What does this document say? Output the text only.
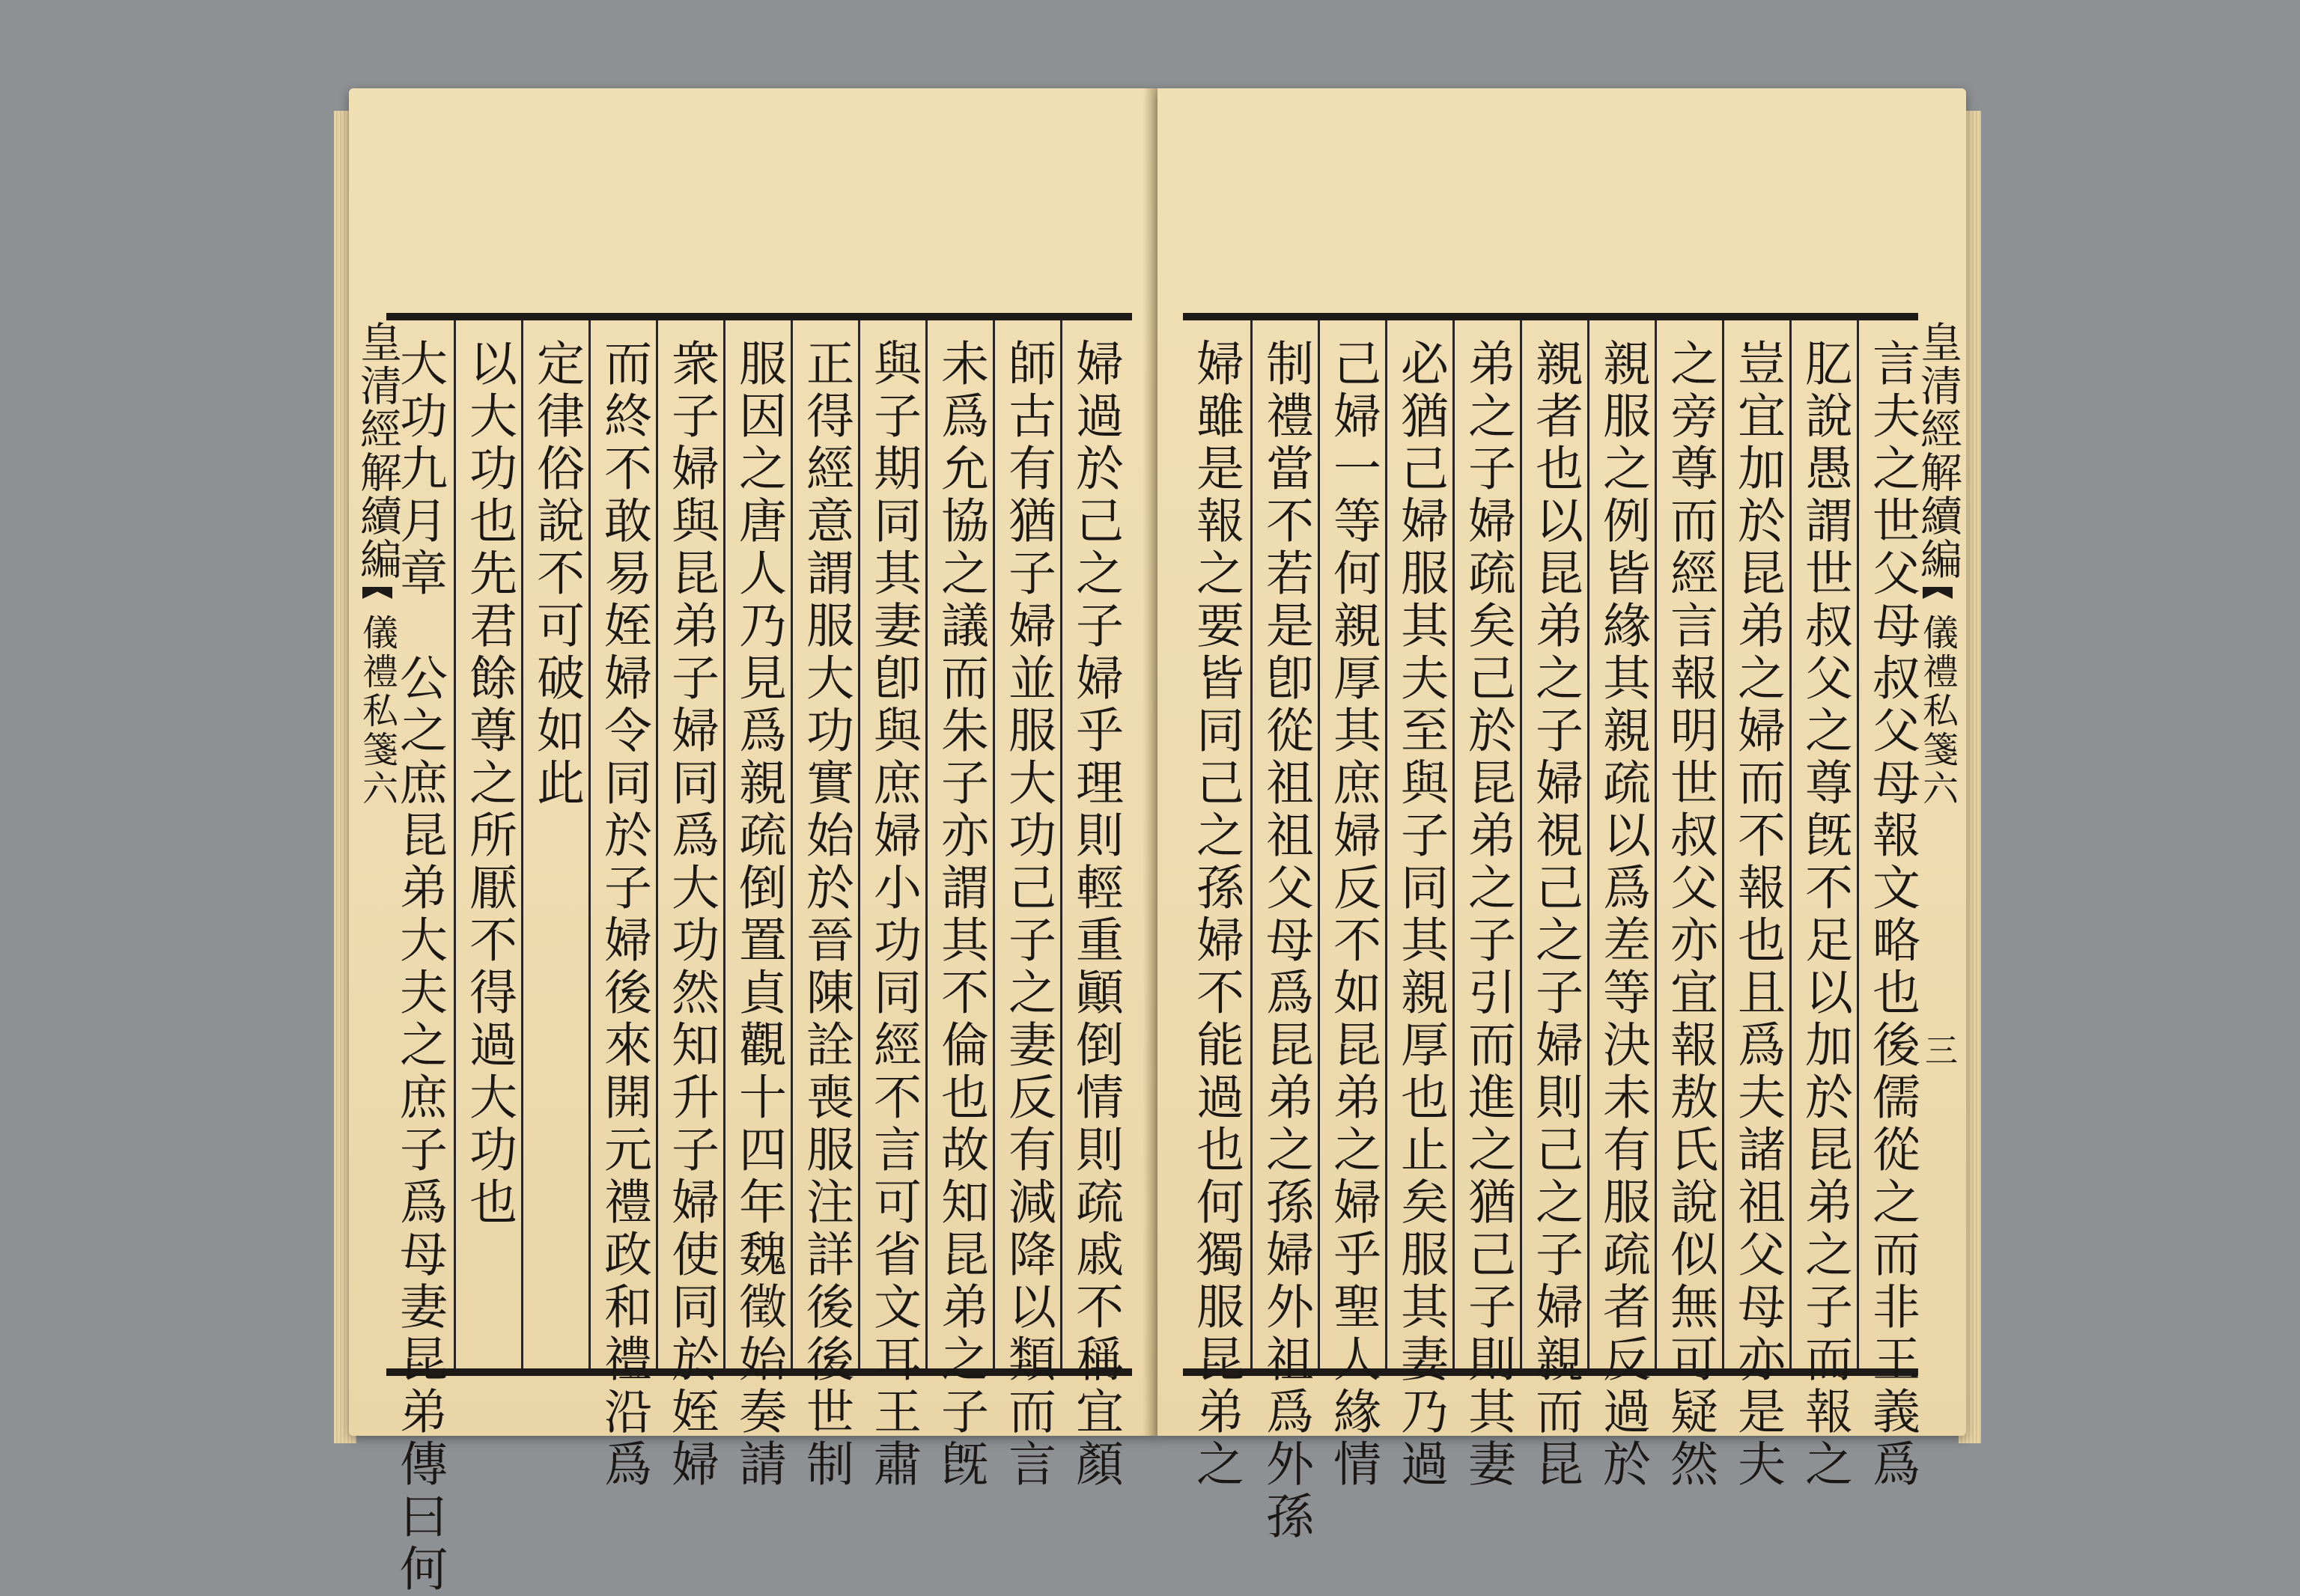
皇清經解續編
儀禮私箋六
大功九月章　公之庶昆弟大夫之庶子爲母妻昆弟傳曰何 以大功也先君餘尊之所厭不得過大功也 定律俗說不可破如此 而終不敢易姪婦令同於子婦後來開元禮政和禮沿爲 衆子婦與昆弟子婦同爲大功然知升子婦使同於姪婦 服因之唐人乃見爲親疏倒置貞觀十四年魏徵始奏請 正得經意謂服大功實始於晉陳詮喪服注詳後後世制 與子期同其妻卽與庶婦小功同經不言可省文耳王肅 未爲允協之議而朱子亦謂其不倫也故知昆弟之子旣 師古有猶子婦並服大功己子之妻反有減降以類而言 婦過於己之子婦乎理則輕重顚倒情則疏戚不稱宜顏 婦雖是報之要皆同己之孫婦不能過也何獨服昆弟之 制禮當不若是卽從祖祖父母爲昆弟之孫婦外祖爲外孫 己婦一等何親厚其庶婦反不如昆弟之婦乎聖人緣情 必猶己婦服其夫至與子同其親厚也止矣服其妻乃過 弟之子婦疏矣己於昆弟之子引而進之猶己子則其妻 親者也以昆弟之子婦視己之子婦則己之子婦親而昆 親服之例皆緣其親疏以爲差等決未有服疏者反過於 之旁尊而經言報明世叔父亦宜報敖氏說似無可疑然 豈宜加於昆弟之婦而不報也且爲夫諸祖父母亦是夫 肊說愚謂世叔父之尊旣不足以加於昆弟之子而報之 言夫之世父母叔父母報文略也後儒從之而非王義爲
皇清經解續編
儀禮私箋六
三
